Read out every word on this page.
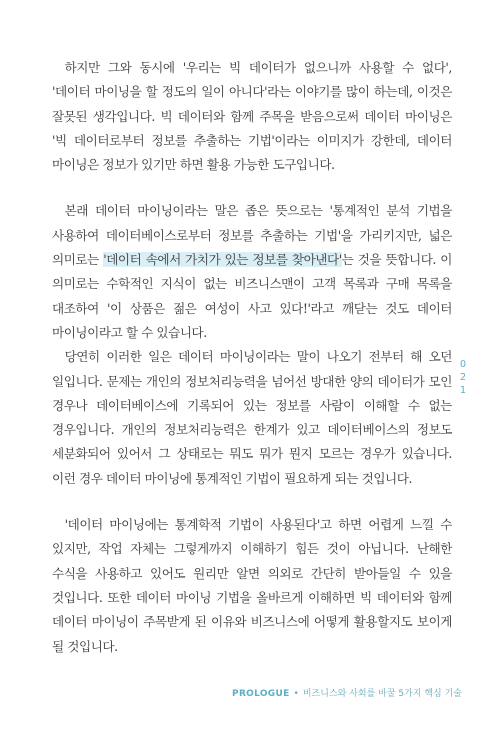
하지만 그와 동시에 '우리는 빅 데이터가 없으니까 사용할 수 없다', '데이터 마이닝을 할 정도의 일이 아니다'라는 이야기를 많이 하는데, 이것은 잘못된 생각입니다. 빅 데이터와 함께 주목을 받음으로써 데이터 마이닝은 '빅 데이터로부터 정보를 추출하는 기법'이라는 이미지가 강한데, 데이터 마이닝은 정보가 있기만 하면 활용 가능한 도구입니다.

본래 데이터 마이닝이라는 말은 좁은 뜻으로는 '통계적인 분석 기법을 사용하여 데이터베이스로부터 정보를 추출하는 기법'을 가리키지만, 넓은 의미로는 '데이터 속에서 가치가 있는 정보를 찾아낸다'는 것을 뜻합니다. 이 의미로는 수학적인 지식이 없는 비즈니스맨이 고객 목록과 구매 목록을 대조하여 '이 상품은 젊은 여성이 사고 있다!'라고 깨닫는 것도 데이터 마이닝이라고 할 수 있습니다.

당연히 이러한 일은 데이터 마이닝이라는 말이 나오기 전부터 해 오던 일입니다. 문제는 개인의 정보처리능력을 넘어선 방대한 양의 데이터가 모인 경우나 데이터베이스에 기록되어 있는 정보를 사람이 이해할 수 없는 경우입니다. 개인의 정보처리능력은 한계가 있고 데이터베이스의 정보도 세분화되어 있어서 그 상태로는 뭐도 뭐가 뭔지 모르는 경우가 있습니다. 이런 경우 데이터 마이닝에 통계적인 기법이 필요하게 되는 것입니다.

'데이터 마이닝에는 통계학적 기법이 사용된다'고 하면 어렵게 느낄 수 있지만, 작업 자체는 그렇게까지 이해하기 힘든 것이 아닙니다. 난해한 수식을 사용하고 있어도 원리만 알면 의외로 간단히 받아들일 수 있을 것입니다. 또한 데이터 마이닝 기법을 올바르게 이해하면 빅 데이터와 함께 데이터 마이닝이 주목받게 된 이유와 비즈니스에 어떻게 활용할지도 보이게 될 것입니다.

0
2
1
PROLOGUE • 비즈니스와 사회를 바꿀 5가지 핵심 기술
